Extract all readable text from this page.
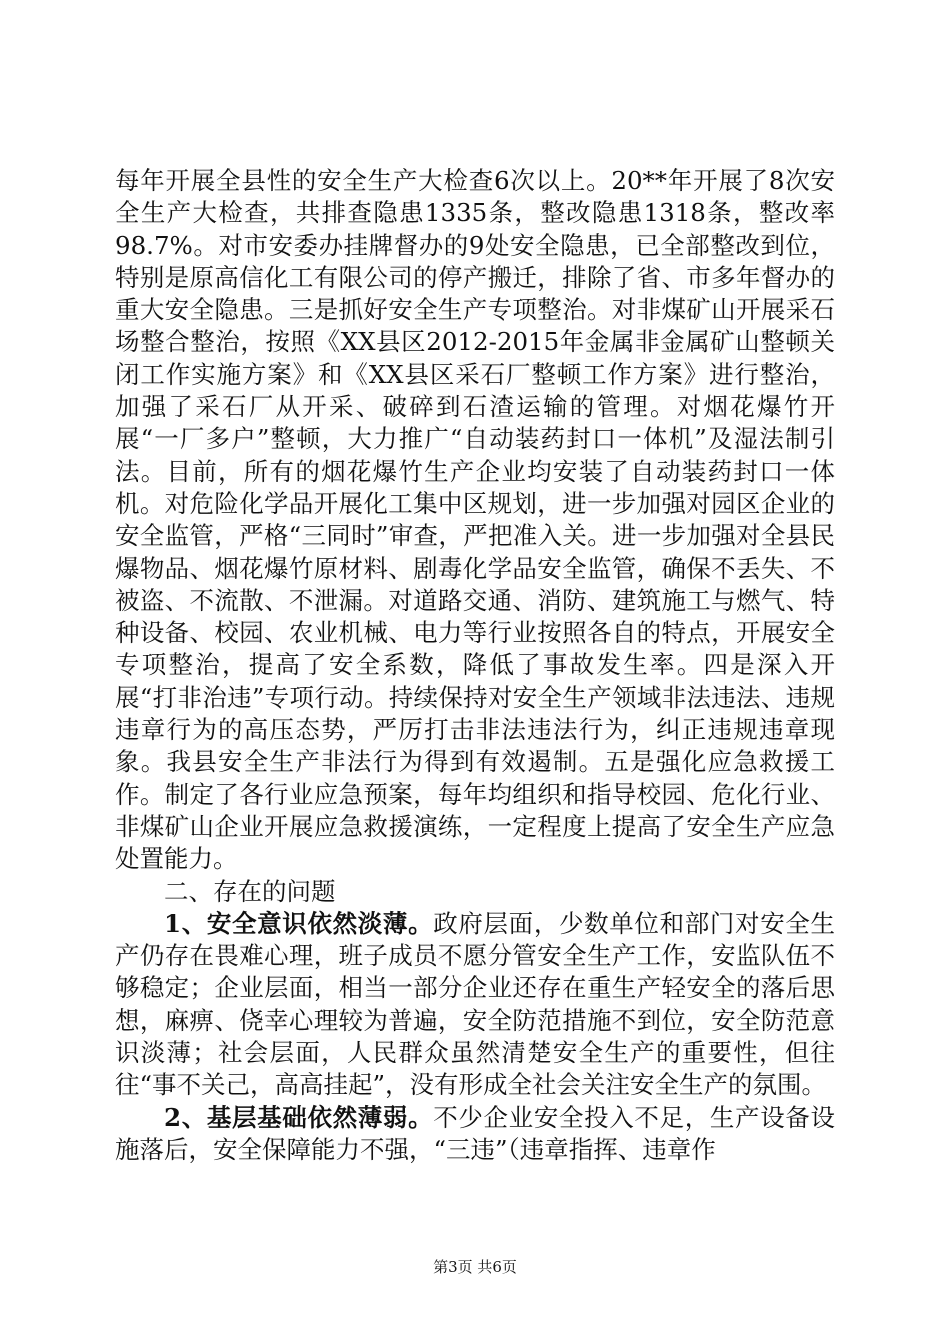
每年开展全县性的安全生产大检查6次以上。20**年开展了8次安全生产大检查，共排查隐患1335条，整改隐患1318条，整改率98.7%。对市安委办挂牌督办的9处安全隐患，已全部整改到位，特别是原高信化工有限公司的停产搬迁，排除了省、市多年督办的重大安全隐患。三是抓好安全生产专项整治。对非煤矿山开展采石场整合整治，按照《XX县区2012-2015年金属非金属矿山整顿关闭工作实施方案》和《XX县区采石厂整顿工作方案》进行整治，加强了采石厂从开采、破碎到石渣运输的管理。对烟花爆竹开展“一厂多户”整顿，大力推广“自动装药封口一体机”及湿法制引法。目前，所有的烟花爆竹生产企业均安装了自动装药封口一体机。对危险化学品开展化工集中区规划，进一步加强对园区企业的安全监管，严格“三同时”审查，严把准入关。进一步加强对全县民爆物品、烟花爆竹原材料、剧毒化学品安全监管，确保不丢失、不被盗、不流散、不泄漏。对道路交通、消防、建筑施工与燃气、特种设备、校园、农业机械、电力等行业按照各自的特点，开展安全专项整治，提高了安全系数，降低了事故发生率。四是深入开展“打非治违”专项行动。持续保持对安全生产领域非法违法、违规违章行为的高压态势，严厉打击非法违法行为，纠正违规违章现象。我县安全生产非法行为得到有效遏制。五是强化应急救援工作。制定了各行业应急预案，每年均组织和指导校园、危化行业、非煤矿山企业开展应急救援演练，一定程度上提高了安全生产应急处置能力。

二、存在的问题

1、安全意识依然淡薄。政府层面，少数单位和部门对安全生产仍存在畏难心理，班子成员不愿分管安全生产工作，安监队伍不够稳定；企业层面，相当一部分企业还存在重生产轻安全的落后思想，麻痹、侥幸心理较为普遍，安全防范措施不到位，安全防范意识淡薄；社会层面，人民群众虽然清楚安全生产的重要性，但往往“事不关己，高高挂起”，没有形成全社会关注安全生产的氛围。

2、基层基础依然薄弱。不少企业安全投入不足，生产设备设施落后，安全保障能力不强，“三违”（违章指挥、违章作

第3页 共6页
